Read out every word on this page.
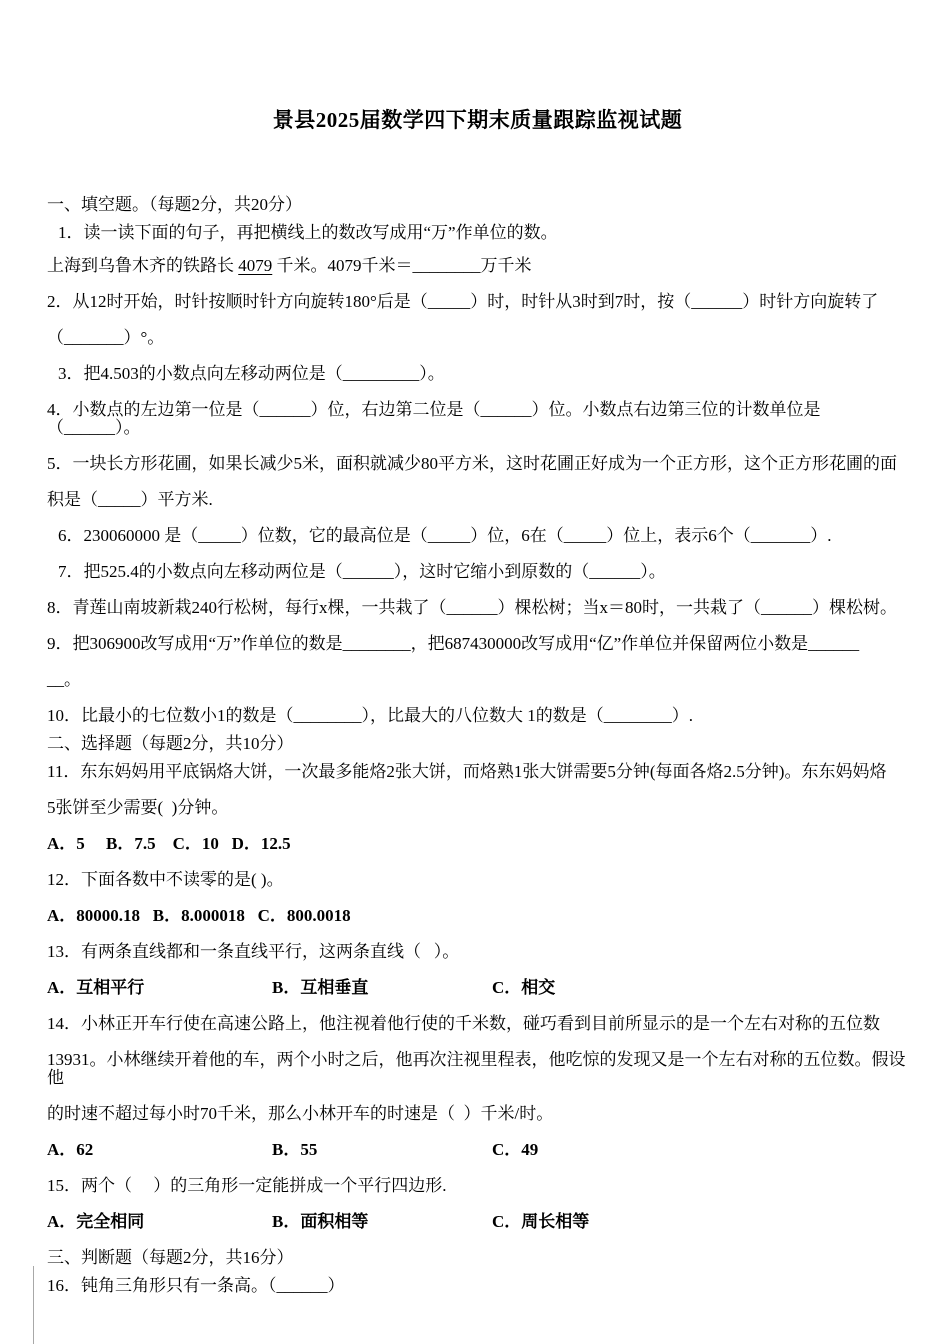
景县2025届数学四下期末质量跟踪监视试题

一、填空题。（每题2分，共20分）

1．读一读下面的句子，再把横线上的数改写成用“万”作单位的数。

上海到乌鲁木齐的铁路长 4079 千米。4079千米＝________万千米

2．从12时开始，时针按顺时针方向旋转180°后是（_____）时，时针从3时到7时，按（______）时针方向旋转了

（_______）°。

3．把4.503的小数点向左移动两位是（_________）。

4．小数点的左边第一位是（______）位，右边第二位是（______）位。小数点右边第三位的计数单位是（______）。

5．一块长方形花圃，如果长减少5米，面积就减少80平方米，这时花圃正好成为一个正方形，这个正方形花圃的面

积是（_____）平方米.

6．230060000 是（_____）位数，它的最高位是（_____）位，6在（_____）位上，表示6个（_______）.

7．把525.4的小数点向左移动两位是（______），这时它缩小到原数的（______）。

8．青莲山南坡新栽240行松树，每行x棵，一共栽了（______）棵松树；当x＝80时，一共栽了（______）棵松树。

9．把306900改写成用“万”作单位的数是________，把687430000改写成用“亿”作单位并保留两位小数是______

__。

10．比最小的七位数小1的数是（________），比最大的八位数大 1的数是（________）.

二、选择题（每题2分，共10分）

11．东东妈妈用平底锅烙大饼，一次最多能烙2张大饼，而烙熟1张大饼需要5分钟(每面各烙2.5分钟)。东东妈妈烙

5张饼至少需要(  )分钟。

A．5     B．7.5    C．10   D．12.5

12．下面各数中不读零的是( )。

A．80000.18   B．8.000018   C．800.0018

13．有两条直线都和一条直线平行，这两条直线（   ）。

A．互相平行	B．互相垂直	C．相交

14．小林正开车行使在高速公路上，他注视着他行使的千米数，碰巧看到目前所显示的是一个左右对称的五位数

13931。小林继续开着他的车，两个小时之后，他再次注视里程表，他吃惊的发现又是一个左右对称的五位数。假设他

的时速不超过每小时70千米，那么小林开车的时速是（  ）千米/时。

A．62	B．55	C．49

15．两个（     ）的三角形一定能拼成一个平行四边形.

A．完全相同	B．面积相等	C．周长相等

三、判断题（每题2分，共16分）

16．钝角三角形只有一条高。（______）
